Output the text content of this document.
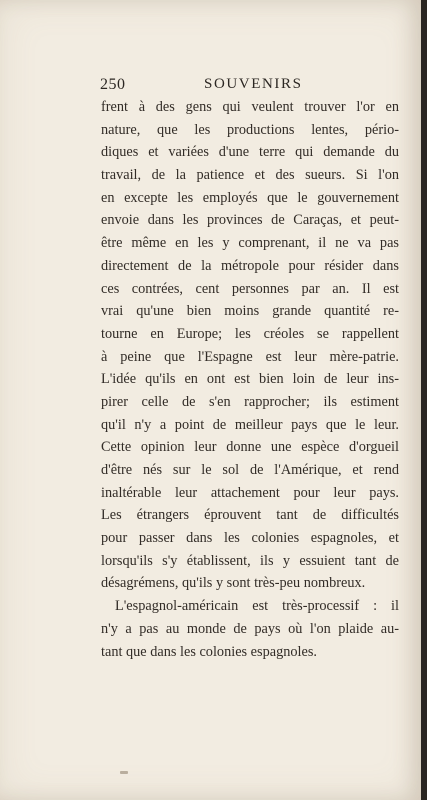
250	SOUVENIRS
frent à des gens qui veulent trouver l'or en
nature, que les productions lentes, pério-
diques et variées d'une terre qui demande du
travail, de la patience et des sueurs. Si l'on
en excepte les employés que le gouvernement
envoie dans les provinces de Caraças, et peut-
être même en les y comprenant, il ne va pas
directement de la métropole pour résider dans
ces contrées, cent personnes par an. Il est
vrai qu'une bien moins grande quantité re-
tourne en Europe; les créoles se rappellent
à peine que l'Espagne est leur mère-patrie.
L'idée qu'ils en ont est bien loin de leur ins-
pirer celle de s'en rapprocher; ils estiment
qu'il n'y a point de meilleur pays que le leur.
Cette opinion leur donne une espèce d'orgueil
d'être nés sur le sol de l'Amérique, et rend
inaltérable leur attachement pour leur pays.
Les étrangers éprouvent tant de difficultés
pour passer dans les colonies espagnoles, et
lorsqu'ils s'y établissent, ils y essuient tant de
désagrémens, qu'ils y sont très-peu nombreux.
L'espagnol-américain est très-processif : il
n'y a pas au monde de pays où l'on plaide au-
tant que dans les colonies espagnoles.
